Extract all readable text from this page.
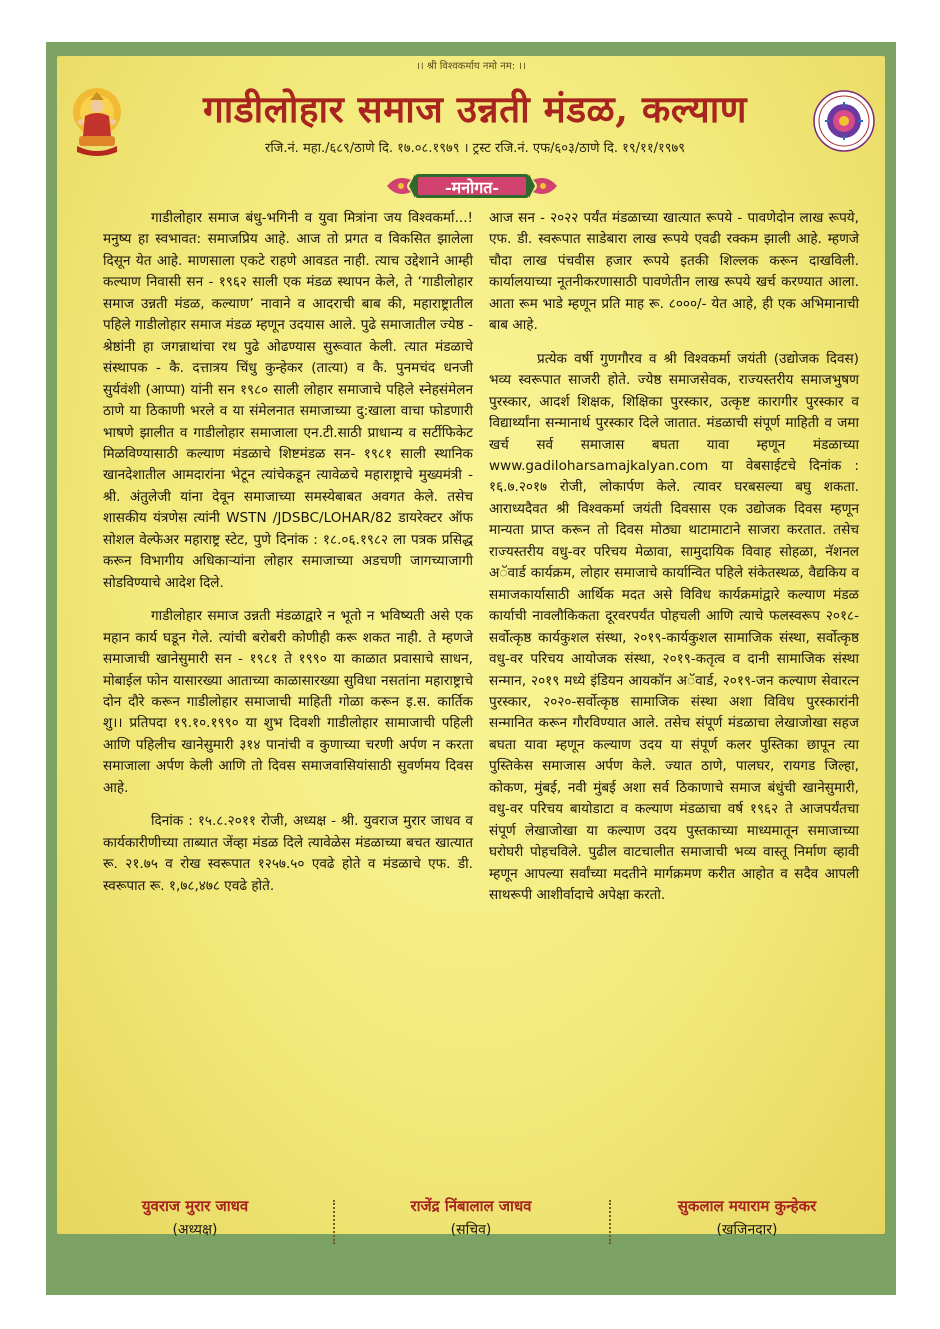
।। श्री विश्‍वकर्माय नमो नम: ।।
गाडीलोहार समाज उन्नती मंडळ, कल्याण
रजि.नं. महा./६८९/ठाणे दि. १७.०८.१९७९ । ट्रस्ट रजि.नं. एफ/६०३/ठाणे दि. १९/११/१९७९
-मनोगत-

गाडीलोहार समाज बंधु-भगिनी व युवा मित्रांना जय विश्‍वकर्मा...! मनुष्य हा स्वभावत: समाजप्रिय आहे. आज तो प्रगत व विकसित झालेला दिसून येत आहे. माणसाला एकटे राहणे आवडत नाही. त्याच उद्देशाने आम्ही कल्याण निवासी सन - १९६२ साली एक मंडळ स्थापन केले, ते ‘गाडीलोहार समाज उन्नती मंडळ, कल्याण’ नावाने व आदराची बाब की, महाराष्ट्रातील पहिले गाडीलोहार समाज मंडळ म्हणून उदयास आले. पुढे समाजातील ज्येष्ठ - श्रेष्ठांनी हा जगन्नाथांचा रथ पुढे ओढण्यास सुरूवात केली. त्यात मंडळाचे संस्थापक - कै. दत्तात्रय चिंधु कुन्हेकर (तात्या) व कै. पुनमचंद धनजी सुर्यवंशी (आप्पा) यांनी सन १९८० साली लोहार समाजाचे पहिले स्नेहसंमेलन ठाणे या ठिकाणी भरले व या संमेलनात समाजाच्या दु:खाला वाचा फोडणारी भाषणे झालीत व गाडीलोहार समाजाला एन.टी.साठी प्राधान्य व सर्टीफिकेट मिळविण्यासाठी कल्याण मंडळाचे शिष्टमंडळ सन- १९८१ साली स्थानिक खानदेशातील आमदारांना भेटून त्यांचेकडून त्यावेळचे महाराष्ट्राचे मुख्यमंत्री - श्री. अंतुलेजी यांना देवून समाजाच्या समस्येबाबत अवगत केले. तसेच शासकीय यंत्रणेस त्यांनी WSTN /JDSBC/LOHAR/82 डायरेक्टर ऑफ सोशल वेल्फेअर महाराष्ट्र स्टेट, पुणे दिनांक : १८.०६.१९८२ ला पत्रक प्रसिद्ध करून विभागीय अधिकाऱ्यांना लोहार समाजाच्या अडचणी जागच्याजागी सोडविण्याचे आदेश दिले.

गाडीलोहार समाज उन्नती मंडळाद्वारे न भूतो न भविष्यती असे एक महान कार्य घडून गेले. त्यांची बरोबरी कोणीही करू शकत नाही. ते म्हणजे समाजाची खानेसुमारी सन - १९८१ ते १९९० या काळात प्रवासाचे साधन, मोबाईल फोन यासारख्या आताच्या काळासारख्या सुविधा नसतांना महाराष्ट्राचे दोन दौरे करून गाडीलोहार समाजाची माहिती गोळा करून इ.स. कार्तिक शु।। प्रतिपदा १९.१०.१९९० या शुभ दिवशी गाडीलोहार सामाजाची पहिली आणि पहिलीच खानेसुमारी ३१४ पानांची व कुणाच्या चरणी अर्पण न करता समाजाला अर्पण केली आणि तो दिवस समाजवासियांसाठी सुवर्णमय दिवस आहे.

दिनांक : १५.८.२०११ रोजी, अध्यक्ष - श्री. युवराज मुरार जाधव व कार्यकारीणीच्या ताब्यात जेंव्हा मंडळ दिले त्यावेळेस मंडळाच्या बचत खात्यात रू. २१.७५ व रोख स्वरूपात १२५७.५० एवढे होते व मंडळाचे एफ. डी. स्वरूपात रू. १,७८,४७८ एवढे होते.

आज सन - २०२२ पर्यंत मंडळाच्या खात्यात रूपये - पावणेदोन लाख रूपये, एफ. डी. स्वरूपात साडेबारा लाख रूपये एवढी रक्कम झाली आहे. म्हणजे चौदा लाख पंचवीस हजार रूपये इतकी शिल्लक करून दाखविली. कार्यालयाच्या नूतनीकरणासाठी पावणेतीन लाख रूपये खर्च करण्यात आला. आता रूम भाडे म्हणून प्रति माह रू. ८०००/- येत आहे, ही एक अभिमानाची बाब आहे.

प्रत्येक वर्षी गुणगौरव व श्री विश्‍वकर्मा जयंती (उद्योजक दिवस) भव्य स्वरूपात साजरी होते. ज्येष्ठ समाजसेवक, राज्यस्तरीय समाजभुषण पुरस्कार, आदर्श शिक्षक, शिक्षिका पुरस्कार, उत्कृष्ट कारागीर पुरस्कार व विद्यार्थ्यांना सन्मानार्थ पुरस्कार दिले जातात. मंडळाची संपूर्ण माहिती व जमा खर्च सर्व समाजास बघता यावा म्हणून मंडळाच्या www.gadiloharsamajkalyan.com या वेबसाईटचे दिनांक : १६.७.२०१७ रोजी, लोकार्पण केले. त्यावर घरबसल्या बघु शकता. आराध्यदैवत श्री विश्‍वकर्मा जयंती दिवसास एक उद्योजक दिवस म्हणून मान्यता प्राप्त करून तो दिवस मोठ्या थाटामाटाने साजरा करतात. तसेच राज्यस्तरीय वधु-वर परिचय मेळावा, सामुदायिक विवाह सोहळा, नॅशनल अॅवार्ड कार्यक्रम, लोहार समाजाचे कार्यान्वित पहिले संकेतस्थळ, वैद्यकिय व समाजकार्यासाठी आर्थिक मदत असे विविध कार्यक्रमांद्वारे कल्याण मंडळ कार्याची नावलौकिकता दूरवरपर्यंत पोहचली आणि त्याचे फलस्वरूप २०१८- सर्वोत्कृष्ठ कार्यकुशल संस्था, २०१९-कार्यकुशल सामाजिक संस्था, सर्वोत्कृष्ठ वधु-वर परिचय आयोजक संस्था, २०१९-कतृत्व व दानी सामाजिक संस्था सन्मान, २०१९ मध्ये इंडियन आयकॉन अॅवार्ड, २०१९-जन कल्याण सेवारत्न पुरस्कार, २०२०-सर्वोत्कृष्ठ सामाजिक संस्था अशा विविध पुरस्कारांनी सन्मानित करून गौरविण्यात आले. तसेच संपूर्ण मंडळाचा लेखाजोखा सहज बघता यावा म्हणून कल्याण उदय या संपूर्ण कलर पुस्तिका छापून त्या पुस्तिकेस समाजास अर्पण केले. ज्यात ठाणे, पालघर, रायगड जिल्हा, कोकण, मुंबई, नवी मुंबई अशा सर्व ठिकाणाचे समाज बंधुंची खानेसुमारी, वधु-वर परिचय बायोडाटा व कल्याण मंडळाचा वर्ष १९६२ ते आजपर्यंतचा संपूर्ण लेखाजोखा या कल्याण उदय पुस्तकाच्या माध्यमातून समाजाच्या घरोघरी पोहचविले. पुढील वाटचालीत समाजाची भव्य वास्तू निर्माण व्हावी म्हणून आपल्या सर्वांच्या मदतीने मार्गक्रमण करीत आहोत व सदैव आपली साथरूपी आशीर्वादाचे अपेक्षा करतो.

युवराज मुरार जाधव
(अध्यक्ष)
राजेंद्र निंबालाल जाधव
(सचिव)
सुकलाल मयाराम कुन्हेकर
(खजिनदार)
